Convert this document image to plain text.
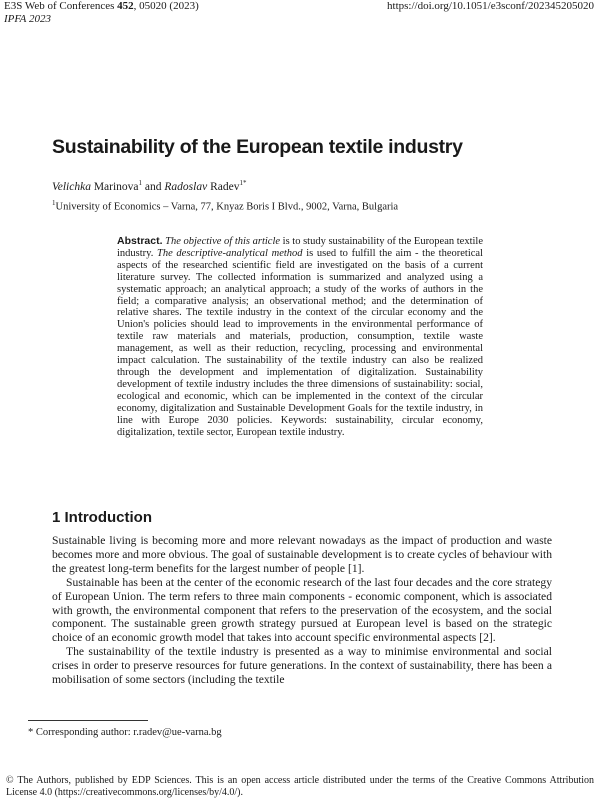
E3S Web of Conferences 452, 05020 (2023)
IPFA 2023
https://doi.org/10.1051/e3sconf/202345205020
Sustainability of the European textile industry
Velichka Marinova$^1$ and Radoslav Radev$^{1*}$
$^1$University of Economics – Varna, 77, Knyaz Boris I Blvd., 9002, Varna, Bulgaria

Abstract. The objective of this article is to study sustainability of the European textile industry. The descriptive-analytical method is used to fulfill the aim - the theoretical aspects of the researched scientific field are investigated on the basis of a current literature survey. The collected information is summarized and analyzed using a systematic approach; an analytical approach; a study of the works of authors in the field; a comparative analysis; an observational method; and the determination of relative shares. The textile industry in the context of the circular economy and the Union's policies should lead to improvements in the environmental performance of textile raw materials and materials, production, consumption, textile waste management, as well as their reduction, recycling, processing and environmental impact calculation. The sustainability of the textile industry can also be realized through the development and implementation of digitalization. Sustainability development of textile industry includes the three dimensions of sustainability: social, ecological and economic, which can be implemented in the context of the circular economy, digitalization and Sustainable Development Goals for the textile industry, in line with Europe 2030 policies. Keywords: sustainability, circular economy, digitalization, textile sector, European textile industry.

1 Introduction

Sustainable living is becoming more and more relevant nowadays as the impact of production and waste becomes more and more obvious. The goal of sustainable development is to create cycles of behaviour with the greatest long-term benefits for the largest number of people [1].

Sustainable has been at the center of the economic research of the last four decades and the core strategy of European Union. The term refers to three main components - economic component, which is associated with growth, the environmental component that refers to the preservation of the ecosystem, and the social component. The sustainable green growth strategy pursued at European level is based on the strategic choice of an economic growth model that takes into account specific environmental aspects [2].

The sustainability of the textile industry is presented as a way to minimise environmental and social crises in order to preserve resources for future generations. In the context of sustainability, there has been a mobilisation of some sectors (including the textile

* Corresponding author: r.radev@ue-varna.bg
© The Authors, published by EDP Sciences. This is an open access article distributed under the terms of the Creative Commons Attribution License 4.0 (https://creativecommons.org/licenses/by/4.0/).
